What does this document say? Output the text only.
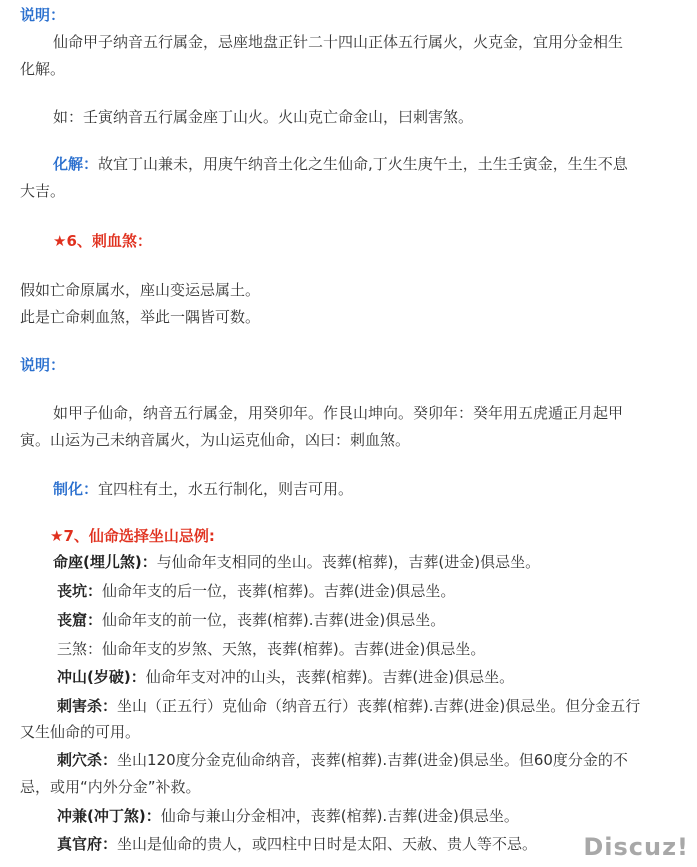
说明：
仙命甲子纳音五行属金，忌座地盘正针二十四山正体五行属火，火克金，宜用分金相生
化解。
如：壬寅纳音五行属金座丁山火。火山克亡命金山，曰刺害煞。
化解：故宜丁山兼未，用庚午纳音土化之生仙命,丁火生庚午土，土生壬寅金，生生不息
大吉。
★6、刺血煞：
假如亡命原属水，座山变运忌属土。
此是亡命刺血煞，举此一隅皆可数。
说明：
如甲子仙命，纳音五行属金，用癸卯年。作艮山坤向。癸卯年：癸年用五虎遁正月起甲
寅。山运为己未纳音属火，为山运克仙命，凶曰：刺血煞。
制化：宜四柱有土，水五行制化，则吉可用。
★7、仙命选择坐山忌例:
命座(埋儿煞)：与仙命年支相同的坐山。丧葬(棺葬)，吉葬(进金)俱忌坐。
丧坑：仙命年支的后一位，丧葬(棺葬)。吉葬(进金)俱忌坐。
丧窟：仙命年支的前一位，丧葬(棺葬).吉葬(进金)俱忌坐。
三煞：仙命年支的岁煞、天煞，丧葬(棺葬)。吉葬(进金)俱忌坐。
冲山(岁破)：仙命年支对冲的山头，丧葬(棺葬)。吉葬(进金)俱忌坐。
刺害杀：坐山（正五行）克仙命（纳音五行）丧葬(棺葬).吉葬(进金)俱忌坐。但分金五行
又生仙命的可用。
刺穴杀：坐山120度分金克仙命纳音，丧葬(棺葬).吉葬(进金)俱忌坐。但60度分金的不
忌，或用“内外分金”补救。
冲兼(冲丁煞)：仙命与兼山分金相冲，丧葬(棺葬).吉葬(进金)俱忌坐。
真官府：坐山是仙命的贵人，或四柱中日时是太阳、天赦、贵人等不忌。 Discuz!
